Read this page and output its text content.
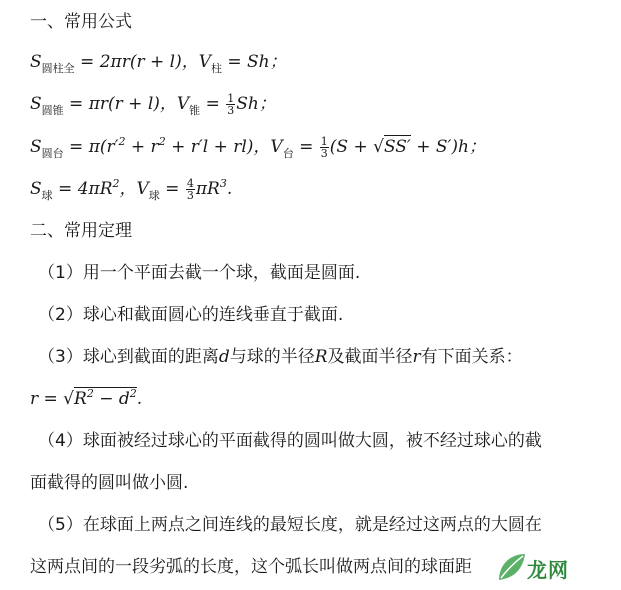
一、常用公式
$S_{圆柱全} = 2\pi r(r + l)$，$V_柱 = Sh$；
$S_{圆锥} = \pi r(r + l)$，$V_锥 = \frac{1}{3}$ Sh；
$S_{圆台} = \pi(r'^2 + r^2 + r'l + rl)$，$V_台 = \frac{1}{3} (S + √SS' + S')h$；
$S_球 = 4\pi R^2$，$V_球 = \frac{4}{3} \pi R^3$.
二、常用定理
（1）用一个平面去截一个球，截面是圆面.
（2）球心和截面圆心的连线垂直于截面.
（3）球心到截面的距离d与球的半径R及截面半径r有下面关系：
$r = √R^2 - d^2$.
（4）球面被经过球心的平面截得的圆叫做大圆，被不经过球心的截
面截得的圆叫做小圆.
（5）在球面上两点之间连线的最短长度，就是经过这两点的大圆在
这两点间的一段劣弧的长度，这个弧长叫做两点间的球面距	龙网
